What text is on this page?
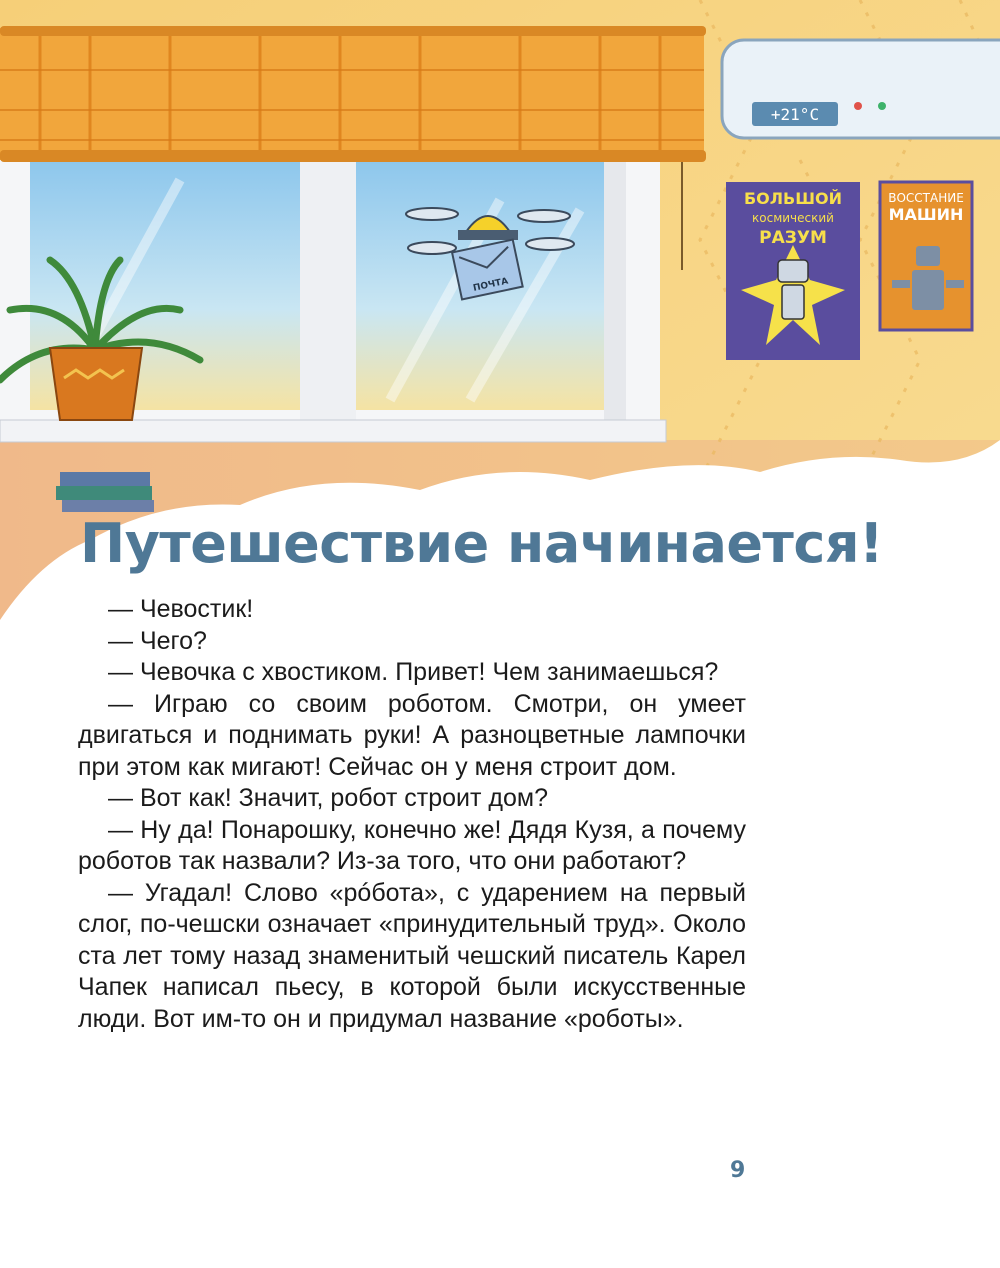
+21°C
БОЛЬШОЙ
космический
РАЗУМ
ВОССТАНИЕ
МАШИН
ПОЧТА
Путешествие начинается!

— Чевостик!

— Чего?

— Чевочка с хвостиком. Привет! Чем занимаешься?

— Играю со своим роботом. Смотри, он умеет двигаться и поднимать руки! А разноцветные лампочки при этом как мигают! Сейчас он у меня строит дом.

— Вот как! Значит, робот строит дом?

— Ну да! Понарошку, конечно же! Дядя Кузя, а почему роботов так назвали? Из-за того, что они работают?

— Угадал! Слово «рóбота», с ударением на первый слог, по-чешски означает «принудительный труд». Около ста лет тому назад знаменитый чешский писатель Карел Чапек написал пьесу, в которой были искусственные люди. Вот им-то он и придумал название «роботы».

9
